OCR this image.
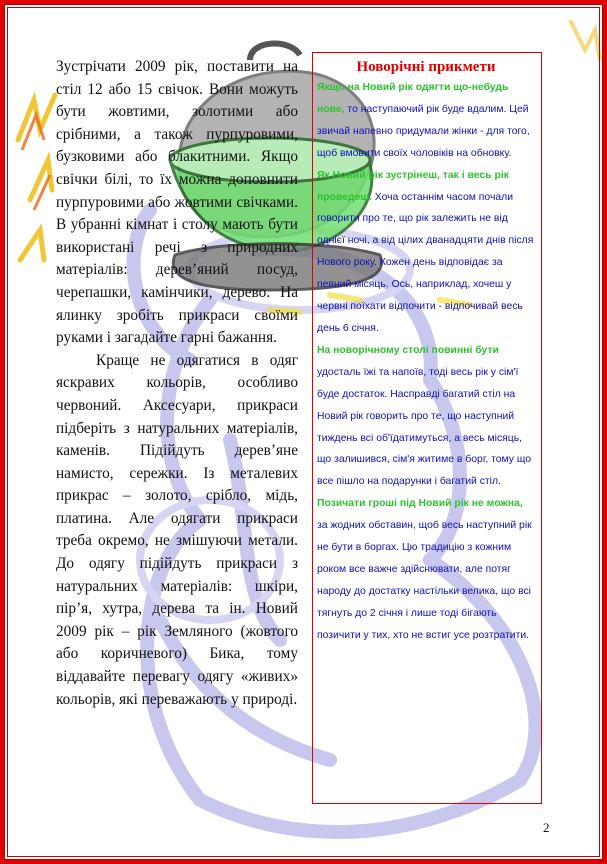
Зустрічати 2009 рік, поставити на стіл 12 або 15 свічок. Вони можуть бути жовтими, золотими або срібними, а також пурпуровими, бузковими або блакитними. Якщо свічки білі, то їх можна доповнити пурпуровими або жовтими свічками. В убранні кімнат і столу мають бути використані речі з природних матеріалів: дерев’яний посуд, черепашки, камінчики, дерево. На ялинку зробіть прикраси своїми руками і загадайте гарні бажання.

Краще не одягатися в одяг яскравих кольорів, особливо червоний. Аксесуари, прикраси підберіть з натуральних матеріалів, каменів. Підійдуть дерев’яне намисто, сережки. Із металевих прикрас – золото, срібло, мідь, платина. Але одягати прикраси треба окремо, не змішуючи метали. До одягу підійдуть прикраси з натуральних матеріалів: шкіри, пір’я, хутра, дерева та ін. Новий 2009 рік – рік Земляного (жовтого або коричневого) Бика, тому віддавайте перевагу одягу «живих» кольорів, які переважають у природі.

Новорічні прикмети

Якщо на Новий рік одягти що-небудь нове, то наступаючий рік буде вдалим. Цей звичай напевно придумали жінки - для того, щоб вмовити своїх чоловіків на обновку.

Як Новий рік зустрінеш, так і весь рік проведеш. Хоча останнім часом почали говорити про те, що рік залежить не від однієї ночі, а від цілих дванадцяти днів після Нового року. Кожен день відповідає за певний місяць. Ось, наприклад, хочеш у червні поїхати відпочити - відпочивай весь день 6 січня.

На новорічному столі повинні бути удосталь їжі та напоїв, тоді весь рік у сім'ї буде достаток. Насправді багатий стіл на Новий рік говорить про те, що наступний тиждень всі об'їдатимуться, а весь місяць, що залишився, сім'я житиме в борг, тому що все пішло на подарунки і багатий стіл.

Позичати гроші під Новий рік не можна, за жодних обставин, щоб весь наступний рік не бути в боргах. Цю традицію з кожним роком все важче здійснювати, але потяг народу до достатку настільки велика, що всі тягнуть до 2 січня і лише тоді бігають позичити у тих, хто не встиг усе розтратити.

2
